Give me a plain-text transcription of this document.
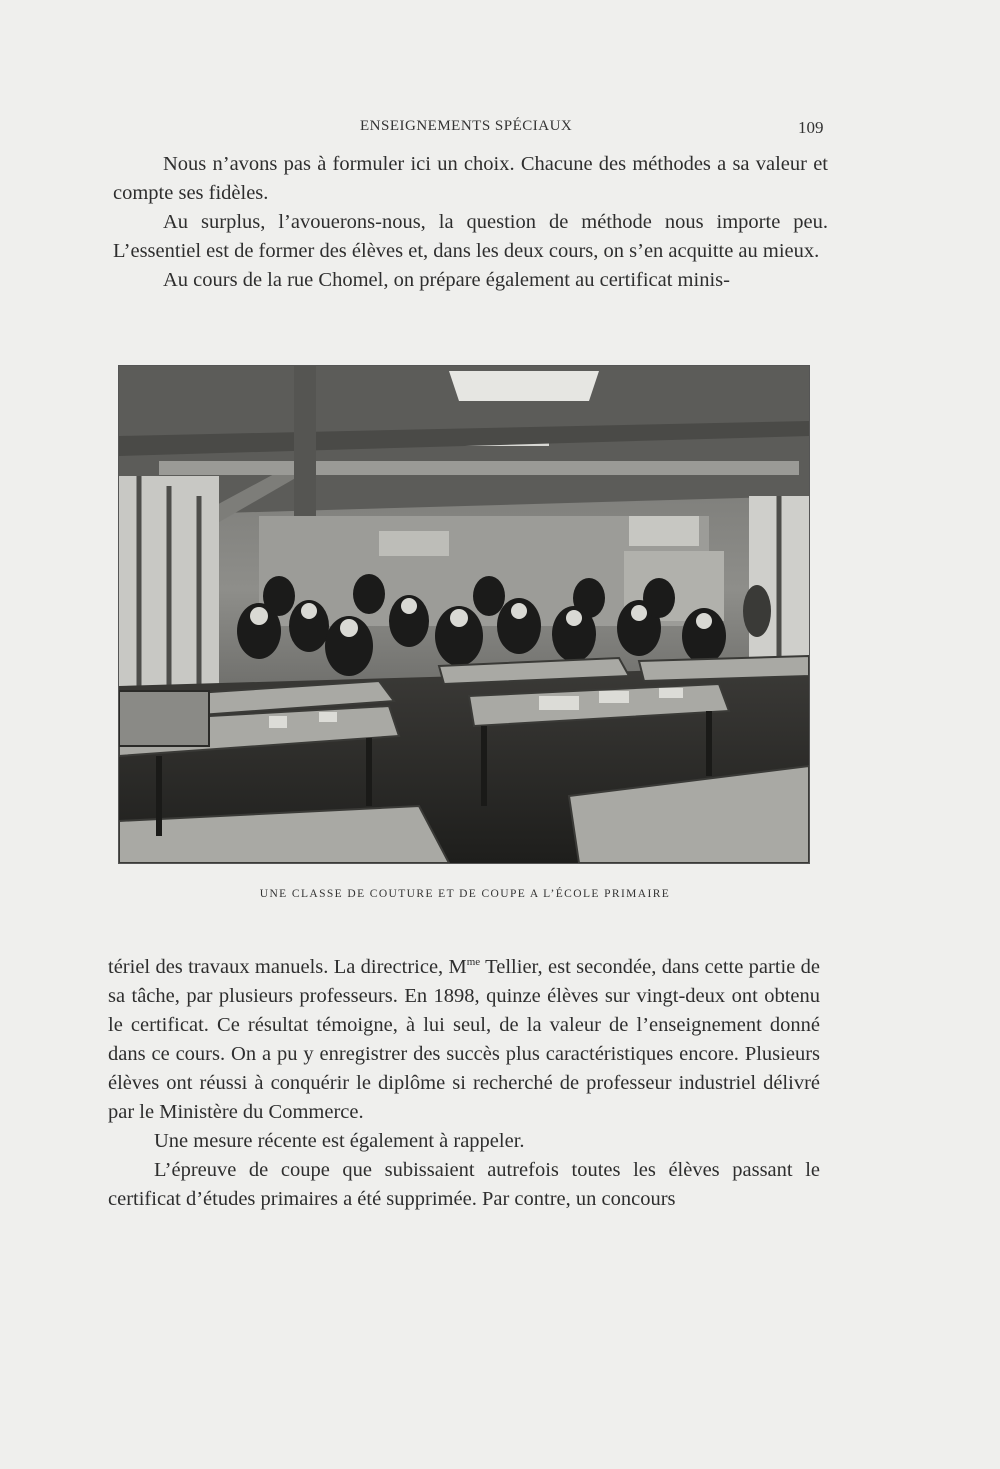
ENSEIGNEMENTS SPÉCIAUX	109

Nous n’avons pas à formuler ici un choix. Chacune des méthodes a sa valeur et compte ses fidèles.

Au surplus, l’avouerons-nous, la question de méthode nous importe peu. L’essentiel est de former des élèves et, dans les deux cours, on s’en acquitte au mieux.

Au cours de la rue Chomel, on prépare également au certificat minis-

UNE CLASSE DE COUTURE ET DE COUPE A L’ÉCOLE PRIMAIRE

tériel des travaux manuels. La directrice, $M^{me}$ Tellier, est secondée, dans cette partie de sa tâche, par plusieurs professeurs. En 1898, quinze élèves sur vingt-deux ont obtenu le certificat. Ce résultat témoigne, à lui seul, de la valeur de l’enseignement donné dans ce cours. On a pu y enregistrer des succès plus caractéristiques encore. Plusieurs élèves ont réussi à conquérir le diplôme si recherché de professeur industriel délivré par le Ministère du Commerce.

Une mesure récente est également à rappeler.

L’épreuve de coupe que subissaient autrefois toutes les élèves passant le certificat d’études primaires a été supprimée. Par contre, un concours
